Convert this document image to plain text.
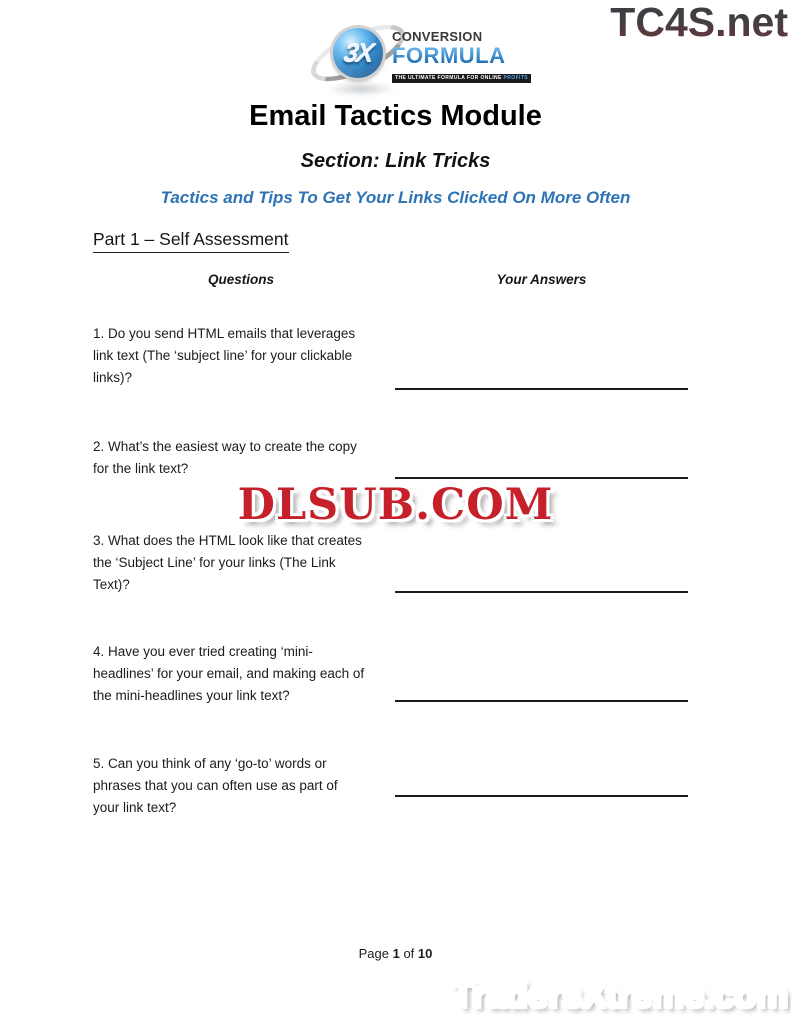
3X
CONVERSION
FORMULA
THE ULTIMATE FORMULA FOR ONLINE PROFITS
TC4S.net
Email Tactics Module
Section: Link Tricks
Tactics and Tips To Get Your Links Clicked On More Often
Part 1 – Self Assessment
Questions	Your Answers
1. Do you send HTML emails that leverages
link text (The ‘subject line’ for your clickable
links)?
2. What’s the easiest way to create the copy
for the link text?
3. What does the HTML look like that creates
the ‘Subject Line’ for your links (The Link
Text)?
4. Have you ever tried creating ‘mini-
headlines’ for your email, and making each of
the mini-headlines your link text?
5. Can you think of any ‘go-to’ words or
phrases that you can often use as part of
your link text?
DLSUB.COM
Page 1 of 10
TradersXtreme.com
